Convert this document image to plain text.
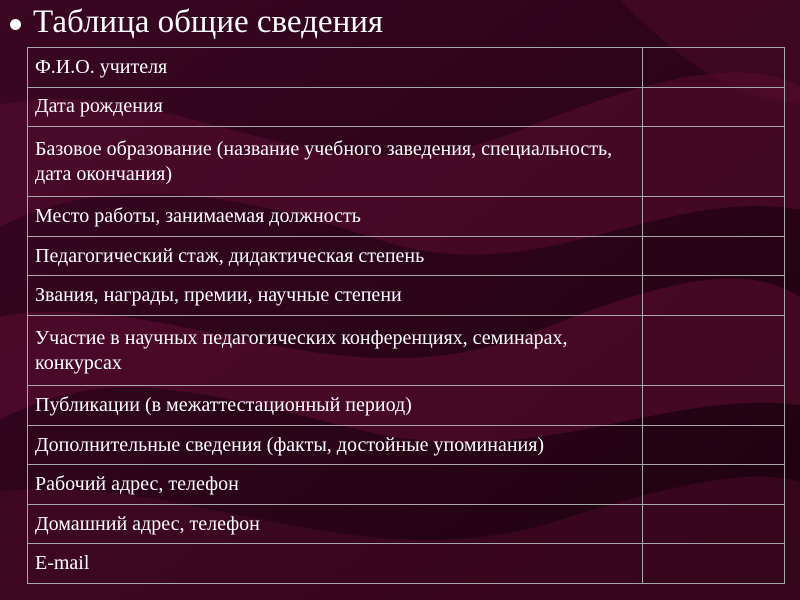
Таблица общие сведения
Ф.И.О. учителя	
Дата рождения	
Базовое образование (название учебного заведения, специальность, дата окончания)	
Место работы, занимаемая должность	
Педагогический стаж, дидактическая степень	
Звания, награды, премии, научные степени	
Участие в научных педагогических конференциях, семинарах, конкурсах	
Публикации (в межаттестационный период)	
Дополнительные сведения (факты, достойные упоминания)	
Рабочий адрес, телефон	
Домашний адрес, телефон	
E-mail	
